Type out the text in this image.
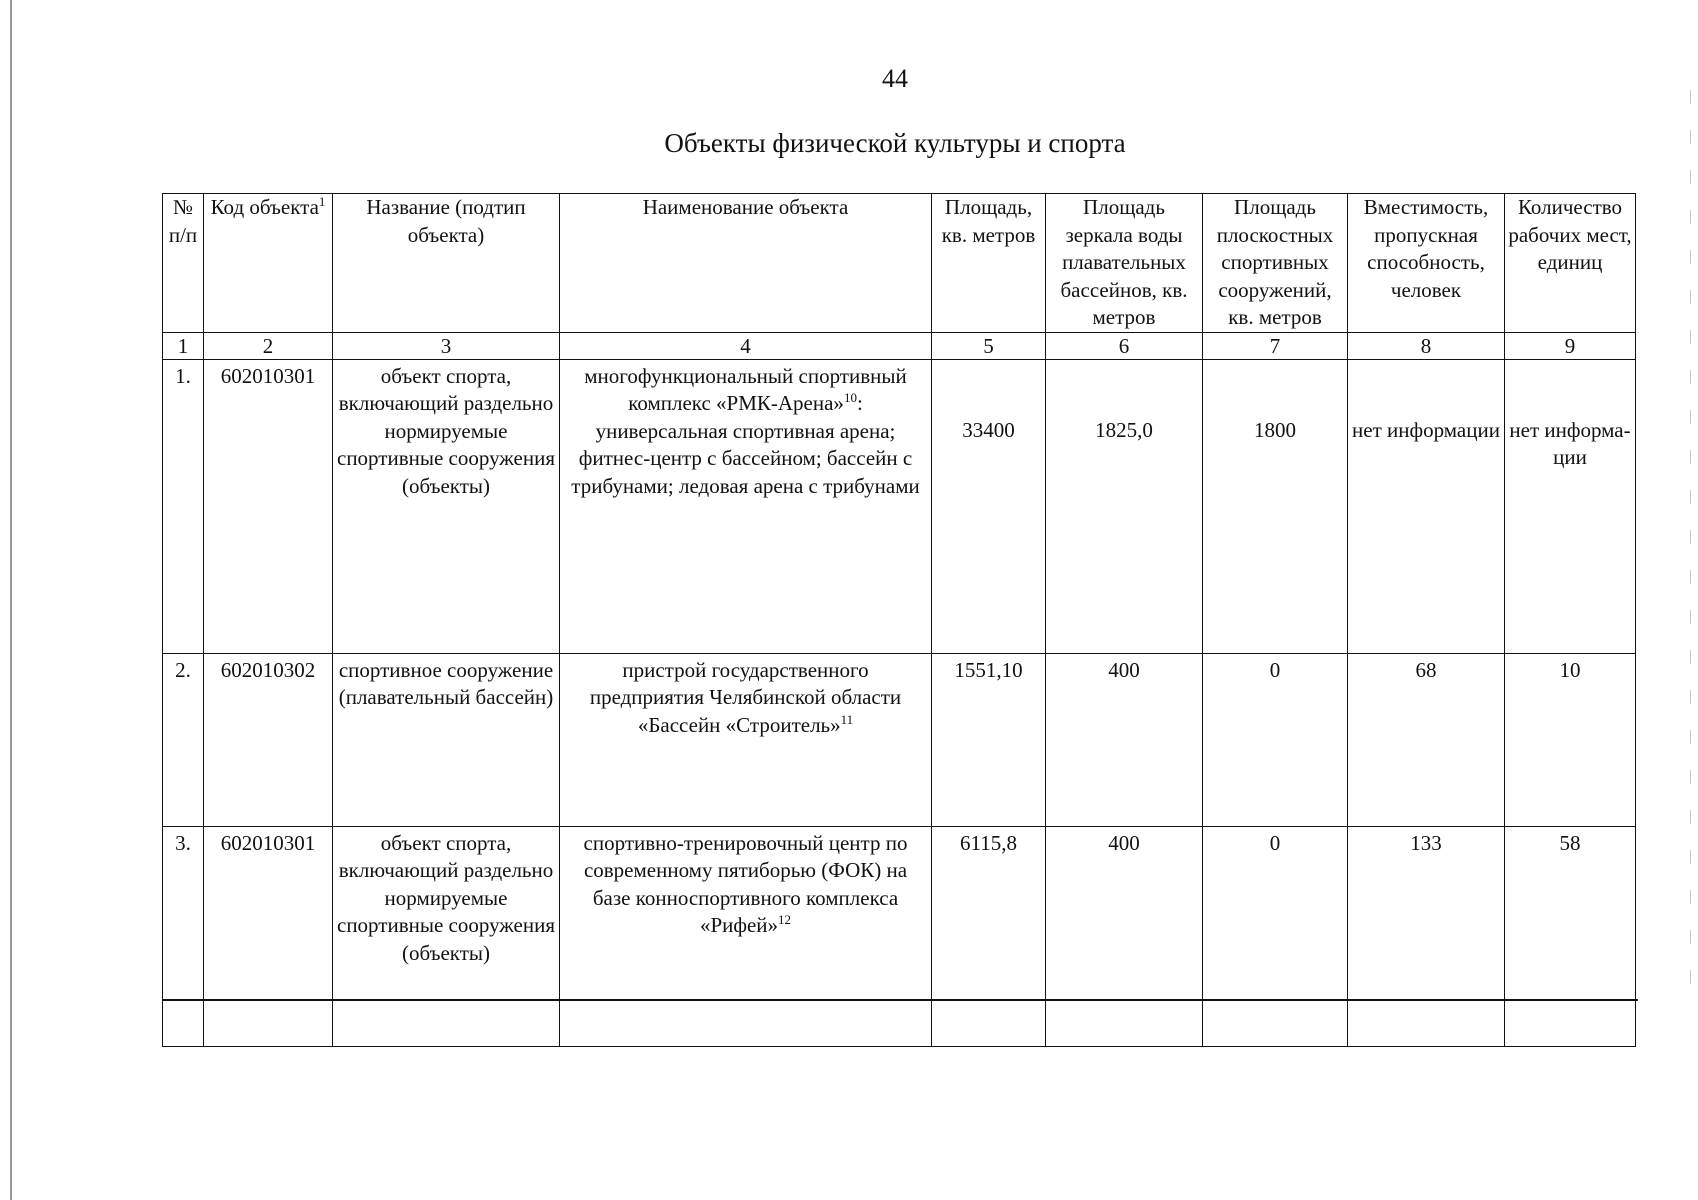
44
Объекты физической культуры и спорта
№ п/п	Код объекта$^1$	Название (подтип объекта)	Наименование объекта	Площадь, кв. метров	Площадь зеркала воды плавательных бассейнов, кв. метров	Площадь плоскостных спортивных сооружений, кв. метров	Вместимость, пропускная способность, человек	Количество рабочих мест, единиц
1	2	3	4	5	6	7	8	9
1.	602010301	объект спорта, включающий раздельно нормируемые спортивные сооружения (объекты)	многофункциональный спортивный комплекс «РМК-Арена»$^{10}$: универсальная спортивная арена; фитнес-центр с бассейном; бассейн с трибунами; ледовая арена с трибунами	33400	1825,0	1800	нет информации	нет информа- ции
2.	602010302	спортивное сооружение (плавательный бассейн)	пристрой государственного предприятия Челябинской области «Бассейн «Строитель»$^{11}$	1551,10	400	0	68	10
3.	602010301	объект спорта, включающий раздельно нормируемые спортивные сооружения (объекты)	спортивно-тренировочный центр по современному пятиборью (ФОК) на базе конноспортивного комплекса «Рифей»$^{12}$	6115,8	400	0	133	58
